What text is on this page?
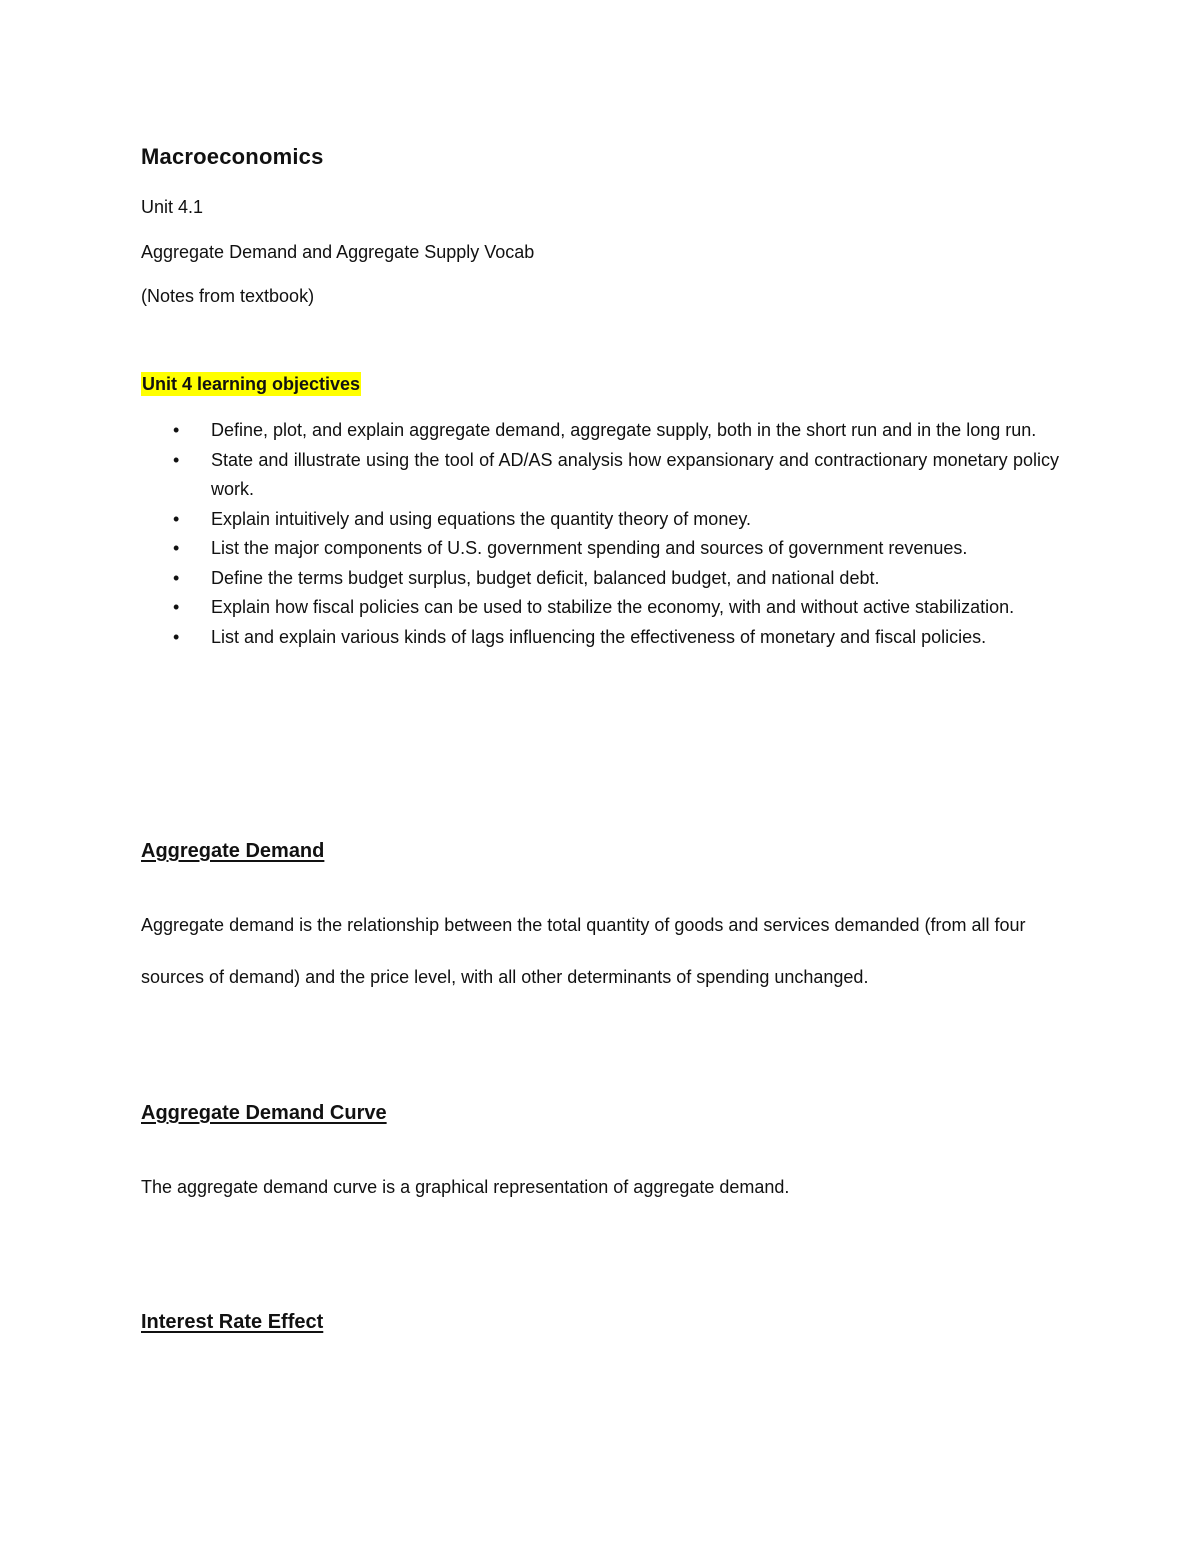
Macroeconomics

Unit 4.1

Aggregate Demand and Aggregate Supply Vocab

(Notes from textbook)

Unit 4 learning objectives

• Define, plot, and explain aggregate demand, aggregate supply, both in the short run and in the long run.
• State and illustrate using the tool of AD/AS analysis how expansionary and contractionary monetary policy work.
• Explain intuitively and using equations the quantity theory of money.
• List the major components of U.S. government spending and sources of government revenues.
• Define the terms budget surplus, budget deficit, balanced budget, and national debt.
• Explain how fiscal policies can be used to stabilize the economy, with and without active stabilization.
• List and explain various kinds of lags influencing the effectiveness of monetary and fiscal policies.
Aggregate Demand

Aggregate demand is the relationship between the total quantity of goods and services demanded (from all four sources of demand) and the price level, with all other determinants of spending unchanged.

Aggregate Demand Curve

The aggregate demand curve is a graphical representation of aggregate demand.

Interest Rate Effect
